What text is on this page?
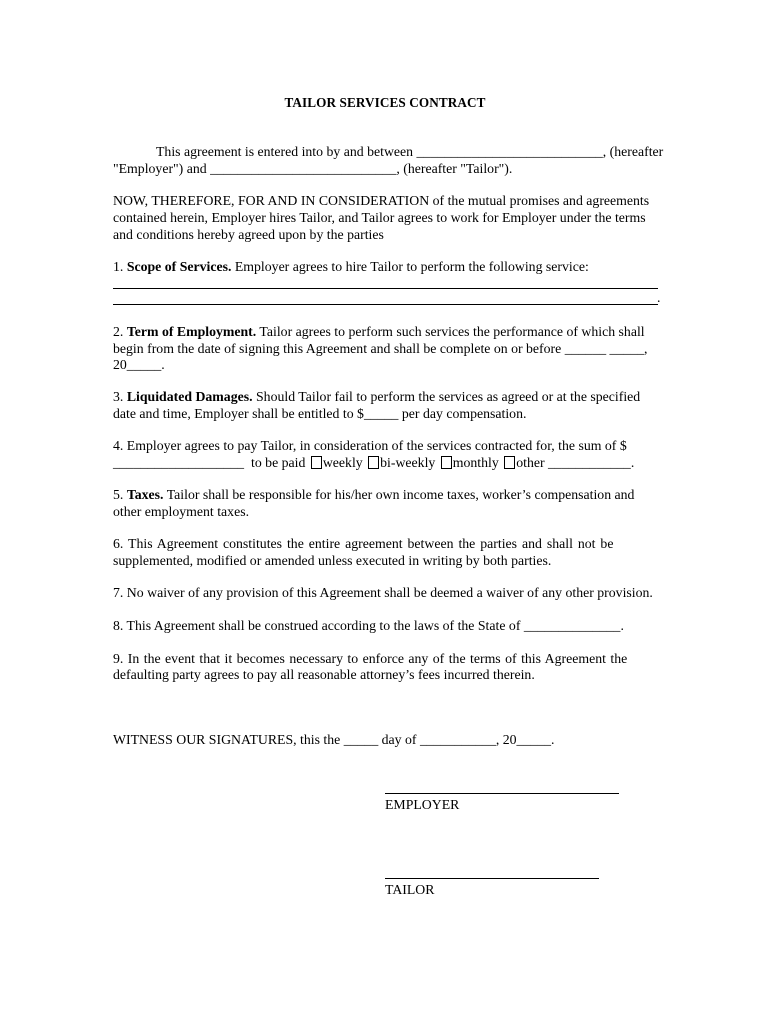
TAILOR SERVICES CONTRACT
This agreement is entered into by and between ___________________________, (hereafter
"Employer") and ___________________________, (hereafter "Tailor").
NOW, THEREFORE, FOR AND IN CONSIDERATION of the mutual promises and agreements
contained herein, Employer hires Tailor, and Tailor agrees to work for Employer under the terms
and conditions hereby agreed upon by the parties
1. Scope of Services. Employer agrees to hire Tailor to perform the following service:
.
2. Term of Employment. Tailor agrees to perform such services the performance of which shall
begin from the date of signing this Agreement and shall be complete on or before ______ _____,
20_____.
3. Liquidated Damages. Should Tailor fail to perform the services as agreed or at the specified
date and time, Employer shall be entitled to $_____ per day compensation.
4. Employer agrees to pay Tailor, in consideration of the services contracted for, the sum of $
___________________ to be paid weekly bi-weekly monthly other ____________.
5. Taxes. Tailor shall be responsible for his/her own income taxes, worker’s compensation and
other employment taxes.
6. This Agreement constitutes the entire agreement between the parties and shall not be
supplemented, modified or amended unless executed in writing by both parties.
7. No waiver of any provision of this Agreement shall be deemed a waiver of any other provision.
8. This Agreement shall be construed according to the laws of the State of ______________.
9. In the event that it becomes necessary to enforce any of the terms of this Agreement the
defaulting party agrees to pay all reasonable attorney’s fees incurred therein.
WITNESS OUR SIGNATURES, this the _____ day of ___________, 20_____.
EMPLOYER
TAILOR
